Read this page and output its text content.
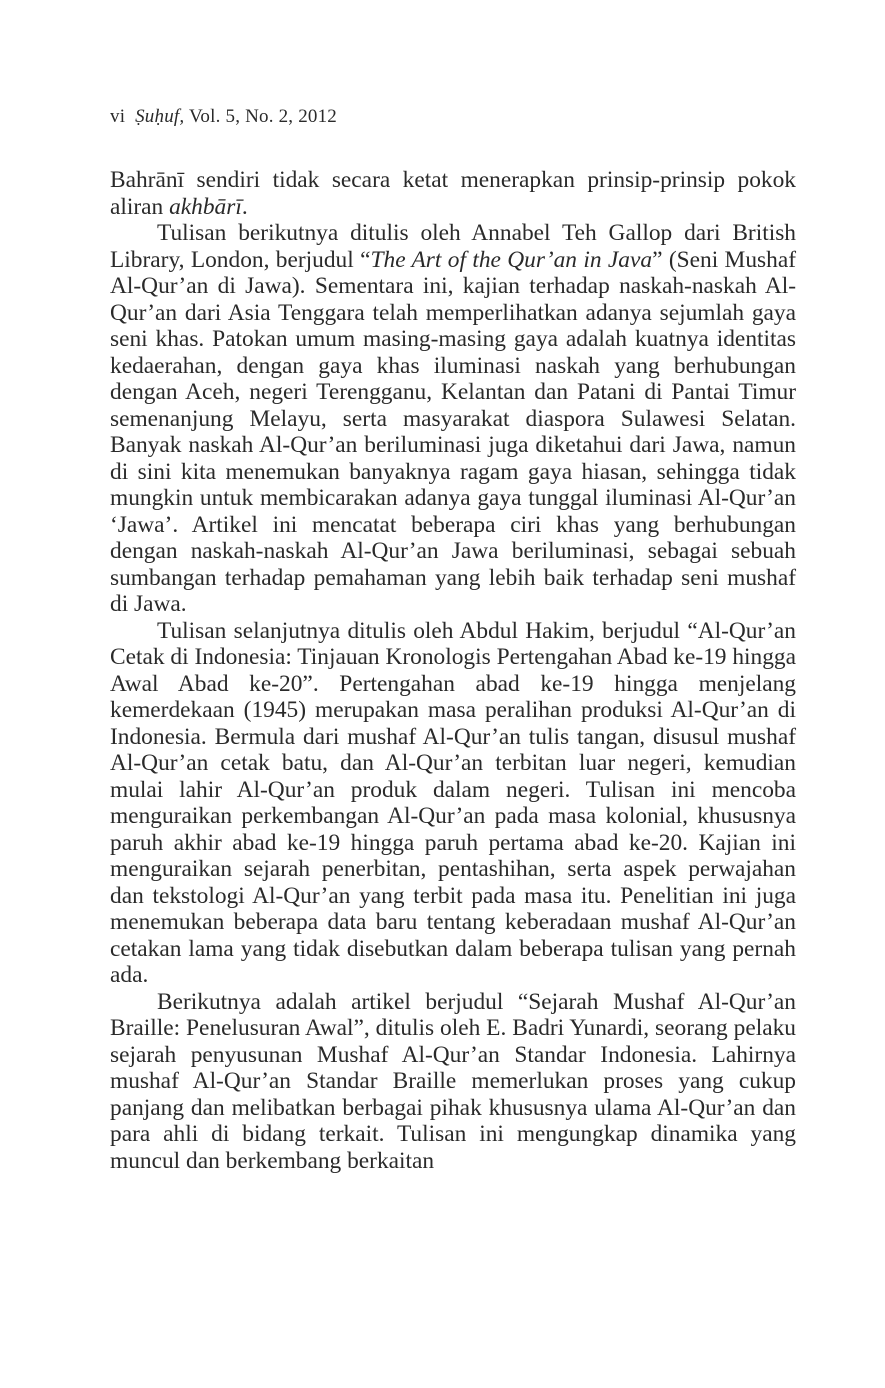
vi Ṣuḥuf, Vol. 5, No. 2, 2012

Bahrānī sendiri tidak secara ketat menerapkan prinsip-prinsip pokok aliran akhbārī.

Tulisan berikutnya ditulis oleh Annabel Teh Gallop dari British Library, London, berjudul “The Art of the Qur’an in Java” (Seni Mushaf Al-Qur’an di Jawa). Sementara ini, kajian terhadap naskah-naskah Al-Qur’an dari Asia Tenggara telah memperlihatkan adanya sejumlah gaya seni khas. Patokan umum masing-masing gaya adalah kuatnya identitas kedaerahan, dengan gaya khas iluminasi naskah yang berhubungan dengan Aceh, negeri Terengganu, Kelantan dan Patani di Pantai Timur semenanjung Melayu, serta masyarakat diaspora Sulawesi Selatan. Banyak naskah Al-Qur’an beriluminasi juga diketahui dari Jawa, namun di sini kita menemukan banyaknya ragam gaya hiasan, sehingga tidak mungkin untuk membicarakan adanya gaya tunggal iluminasi Al-Qur’an ‘Jawa’. Artikel ini mencatat beberapa ciri khas yang berhubungan dengan naskah-naskah Al-Qur’an Jawa beriluminasi, sebagai sebuah sumbangan terhadap pemahaman yang lebih baik terhadap seni mushaf di Jawa.

Tulisan selanjutnya ditulis oleh Abdul Hakim, berjudul “Al-Qur’an Cetak di Indonesia: Tinjauan Kronologis Pertengahan Abad ke-19 hingga Awal Abad ke-20”. Pertengahan abad ke-19 hingga menjelang kemerdekaan (1945) merupakan masa peralihan produksi Al-Qur’an di Indonesia. Bermula dari mushaf Al-Qur’an tulis tangan, disusul mushaf Al-Qur’an cetak batu, dan Al-Qur’an terbitan luar negeri, kemudian mulai lahir Al-Qur’an produk dalam negeri. Tulisan ini mencoba menguraikan perkembangan Al-Qur’an pada masa kolonial, khususnya paruh akhir abad ke-19 hingga paruh pertama abad ke-20. Kajian ini menguraikan sejarah penerbitan, pentashihan, serta aspek perwajahan dan tekstologi Al-Qur’an yang terbit pada masa itu. Penelitian ini juga menemukan beberapa data baru tentang keberadaan mushaf Al-Qur’an cetakan lama yang tidak disebutkan dalam beberapa tulisan yang pernah ada.

Berikutnya adalah artikel berjudul “Sejarah Mushaf Al-Qur’an Braille: Penelusuran Awal”, ditulis oleh E. Badri Yunardi, seorang pelaku sejarah penyusunan Mushaf Al-Qur’an Standar Indonesia. Lahirnya mushaf Al-Qur’an Standar Braille memerlukan proses yang cukup panjang dan melibatkan berbagai pihak khususnya ulama Al-Qur’an dan para ahli di bidang terkait. Tulisan ini mengungkap dinamika yang muncul dan berkembang berkaitan
